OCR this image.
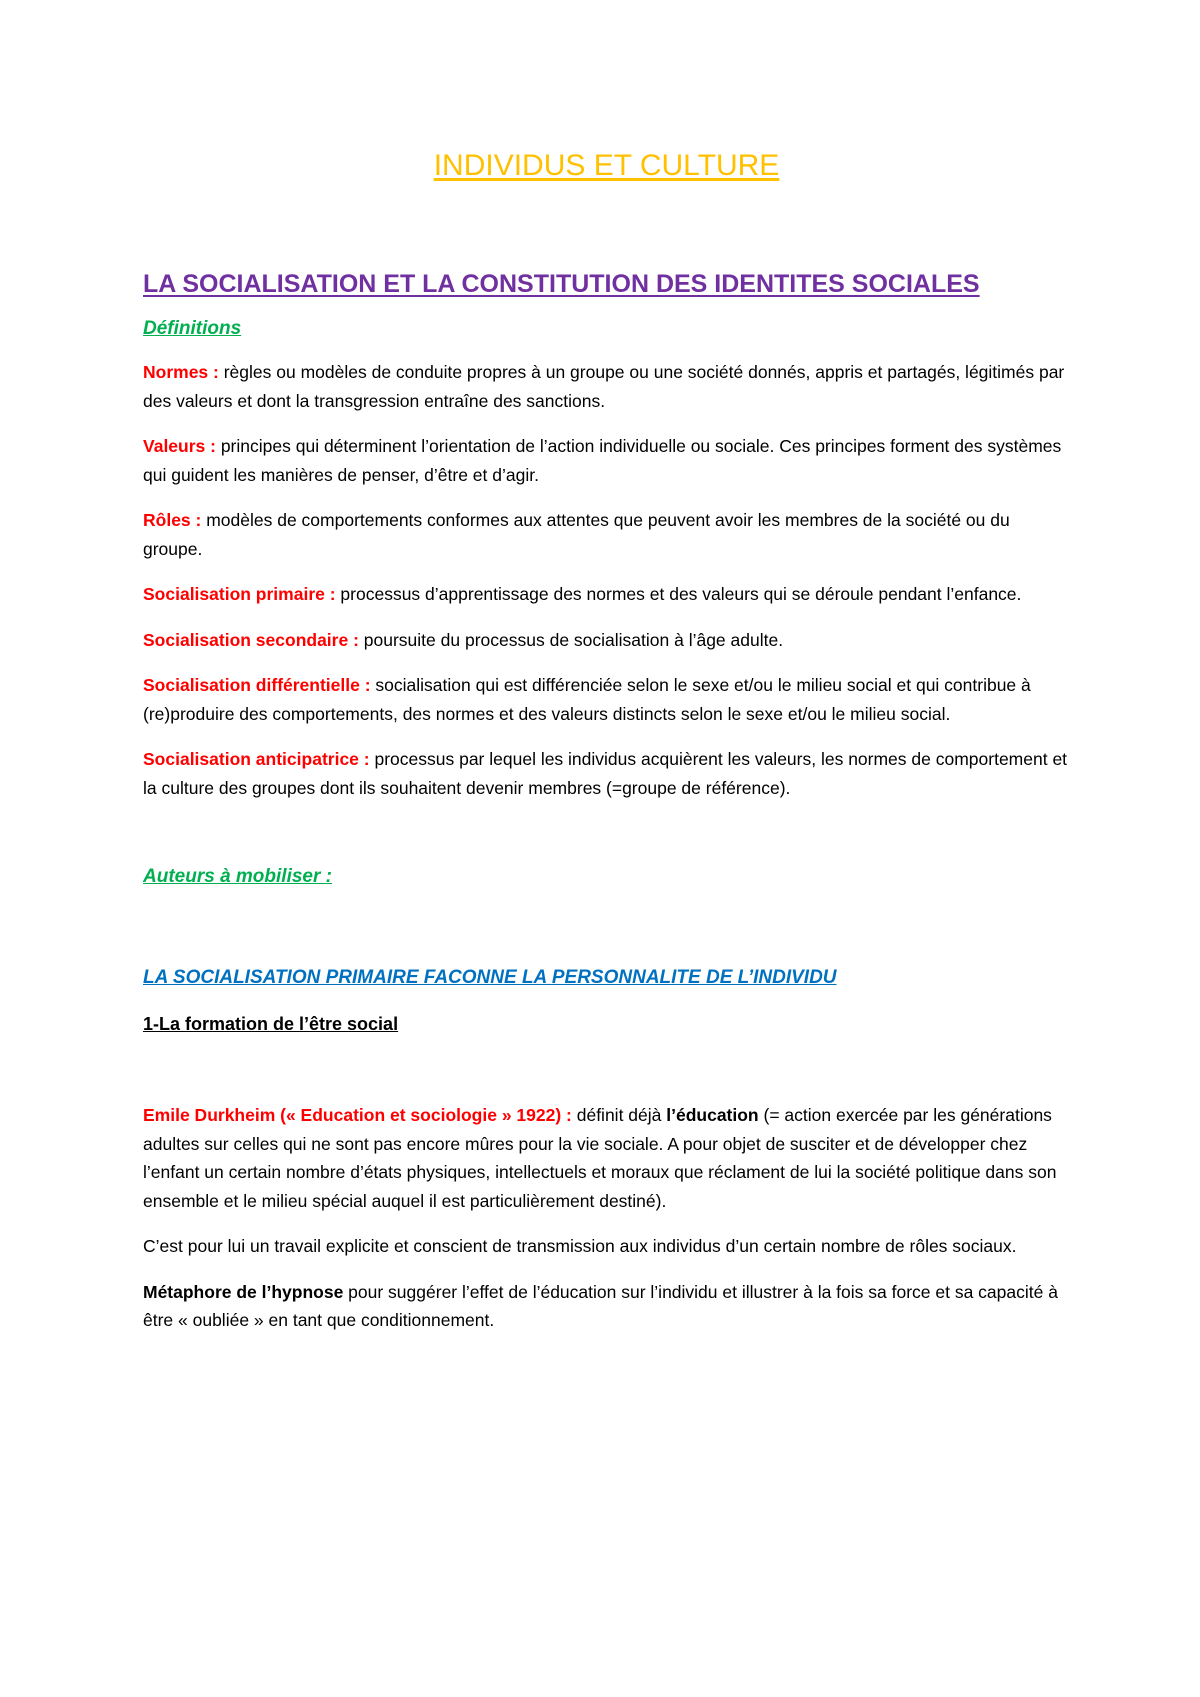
INDIVIDUS ET CULTURE
LA SOCIALISATION ET LA CONSTITUTION DES IDENTITES SOCIALES
Définitions

Normes : règles ou modèles de conduite propres à un groupe ou une société donnés, appris et partagés, légitimés par des valeurs et dont la transgression entraîne des sanctions.

Valeurs : principes qui déterminent l’orientation de l’action individuelle ou sociale. Ces principes forment des systèmes qui guident les manières de penser, d’être et d’agir.

Rôles : modèles de comportements conformes aux attentes que peuvent avoir les membres de la société ou du groupe.

Socialisation primaire : processus d’apprentissage des normes et des valeurs qui se déroule pendant l’enfance.

Socialisation secondaire : poursuite du processus de socialisation à l’âge adulte.

Socialisation différentielle : socialisation qui est différenciée selon le sexe et/ou le milieu social et qui contribue à (re)produire des comportements, des normes et des valeurs distincts selon le sexe et/ou le milieu social.

Socialisation anticipatrice : processus par lequel les individus acquièrent les valeurs, les normes de comportement et la culture des groupes dont ils souhaitent devenir membres (=groupe de référence).

Auteurs à mobiliser :
LA SOCIALISATION PRIMAIRE FACONNE LA PERSONNALITE DE L’INDIVIDU
1-La formation de l’être social

Emile Durkheim (« Education et sociologie » 1922) : définit déjà l’éducation (= action exercée par les générations adultes sur celles qui ne sont pas encore mûres pour la vie sociale. A pour objet de susciter et de développer chez l’enfant un certain nombre d’états physiques, intellectuels et moraux que réclament de lui la société politique dans son ensemble et le milieu spécial auquel il est particulièrement destiné).

C’est pour lui un travail explicite et conscient de transmission aux individus d’un certain nombre de rôles sociaux.

Métaphore de l’hypnose pour suggérer l’effet de l’éducation sur l’individu et illustrer à la fois sa force et sa capacité à être « oubliée » en tant que conditionnement.
